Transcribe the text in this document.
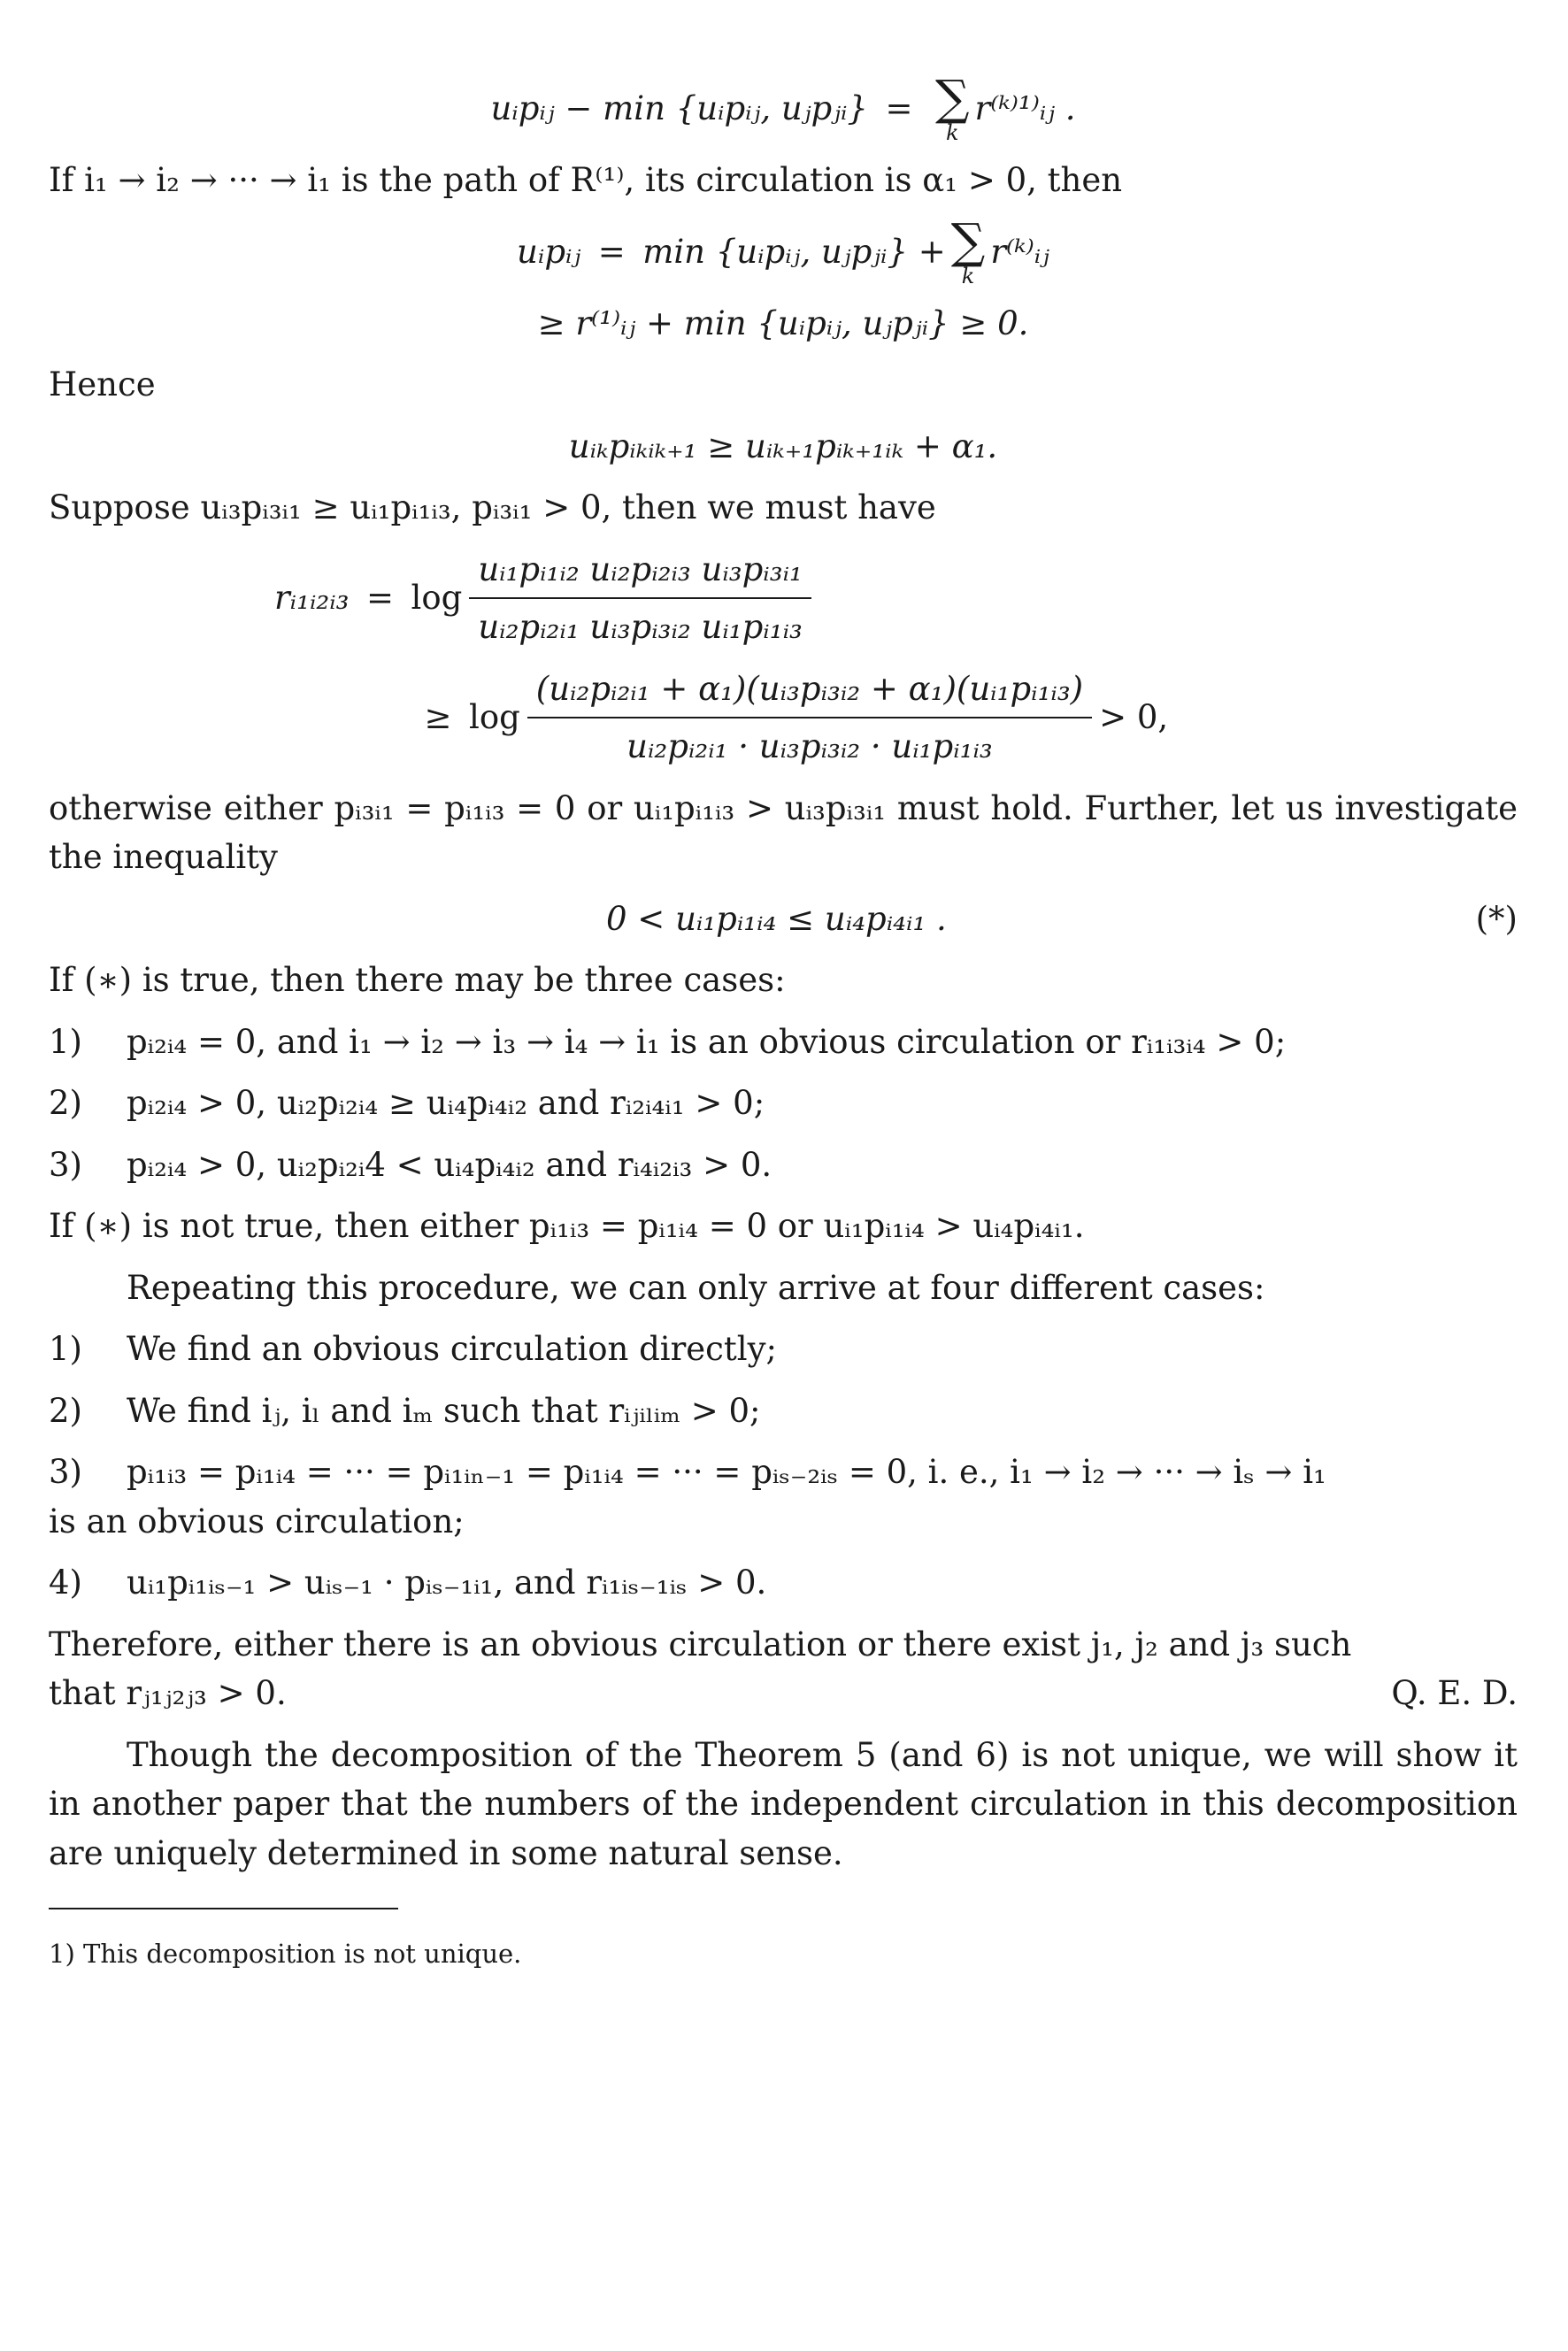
uᵢpᵢⱼ − min {uᵢpᵢⱼ, uⱼpⱼᵢ} = ∑
k
r⁽ᵏ⁾¹⁾ᵢⱼ .

If i₁ → i₂ → ··· → i₁ is the path of R⁽¹⁾, its circulation is α₁ > 0, then

uᵢpᵢⱼ = min {uᵢpᵢⱼ, uⱼpⱼᵢ} + ∑
k
r⁽ᵏ⁾ᵢⱼ
≥ r⁽¹⁾ᵢⱼ + min {uᵢpᵢⱼ, uⱼpⱼᵢ} ≥ 0.

Hence

uᵢₖpᵢₖᵢₖ₊₁ ≥ uᵢₖ₊₁pᵢₖ₊₁ᵢₖ + α₁.

Suppose uᵢ₃pᵢ₃ᵢ₁ ≥ uᵢ₁pᵢ₁ᵢ₃, pᵢ₃ᵢ₁ > 0, then we must have

rᵢ₁ᵢ₂ᵢ₃ = $\log \frac{\text{uᵢ₁pᵢ₁ᵢ₂ uᵢ₂pᵢ₂ᵢ₃ uᵢ₃pᵢ₃ᵢ₁}}{\text{uᵢ₂pᵢ₂ᵢ₁ uᵢ₃pᵢ₃ᵢ₂ uᵢ₁pᵢ₁ᵢ₃}}$
≥ $\log \frac{\text{(uᵢ₂pᵢ₂ᵢ₁ + α₁)(uᵢ₃pᵢ₃ᵢ₂ + α₁)(uᵢ₁pᵢ₁ᵢ₃)}}{\text{uᵢ₂pᵢ₂ᵢ₁ · uᵢ₃pᵢ₃ᵢ₂ · uᵢ₁pᵢ₁ᵢ₃}} > 0$,

otherwise either pᵢ₃ᵢ₁ = pᵢ₁ᵢ₃ = 0 or uᵢ₁pᵢ₁ᵢ₃ > uᵢ₃pᵢ₃ᵢ₁ must hold. Further, let us investigate the inequality

0 < uᵢ₁pᵢ₁ᵢ₄ ≤ uᵢ₄pᵢ₄ᵢ₁ .	(*)

If (∗) is true, then there may be three cases:

1)	pᵢ₂ᵢ₄ = 0, and i₁ → i₂ → i₃ → i₄ → i₁ is an obvious circulation or rᵢ₁ᵢ₃ᵢ₄ > 0;
2)	pᵢ₂ᵢ₄ > 0, uᵢ₂pᵢ₂ᵢ₄ ≥ uᵢ₄pᵢ₄ᵢ₂ and rᵢ₂ᵢ₄ᵢ₁ > 0;
3)	pᵢ₂ᵢ₄ > 0, uᵢ₂pᵢ₂ᵢ4 < uᵢ₄pᵢ₄ᵢ₂ and rᵢ₄ᵢ₂ᵢ₃ > 0.

If (∗) is not true, then either pᵢ₁ᵢ₃ = pᵢ₁ᵢ₄ = 0 or uᵢ₁pᵢ₁ᵢ₄ > uᵢ₄pᵢ₄ᵢ₁.

Repeating this procedure, we can only arrive at four different cases:

1)	We find an obvious circulation directly;
2)	We find iⱼ, iₗ and iₘ such that rᵢⱼᵢₗᵢₘ > 0;
3)	pᵢ₁ᵢ₃ = pᵢ₁ᵢ₄ = ··· = pᵢ₁ᵢₙ₋₁ = pᵢ₁ᵢ₄ = ··· = pᵢₛ₋₂ᵢₛ = 0, i. e., i₁ → i₂ → ··· → iₛ → i₁

is an obvious circulation;

4)	uᵢ₁pᵢ₁ᵢₛ₋₁ > uᵢₛ₋₁ · pᵢₛ₋₁ᵢ₁, and rᵢ₁ᵢₛ₋₁ᵢₛ > 0.

Therefore, either there is an obvious circulation or there exist j₁, j₂ and j₃ such

that rⱼ₁ⱼ₂ⱼ₃ > 0.	Q. E. D.

Though the decomposition of the Theorem 5 (and 6) is not unique, we will show it in another paper that the numbers of the independent circulation in this decomposition are uniquely determined in some natural sense.

1) This decomposition is not unique.
